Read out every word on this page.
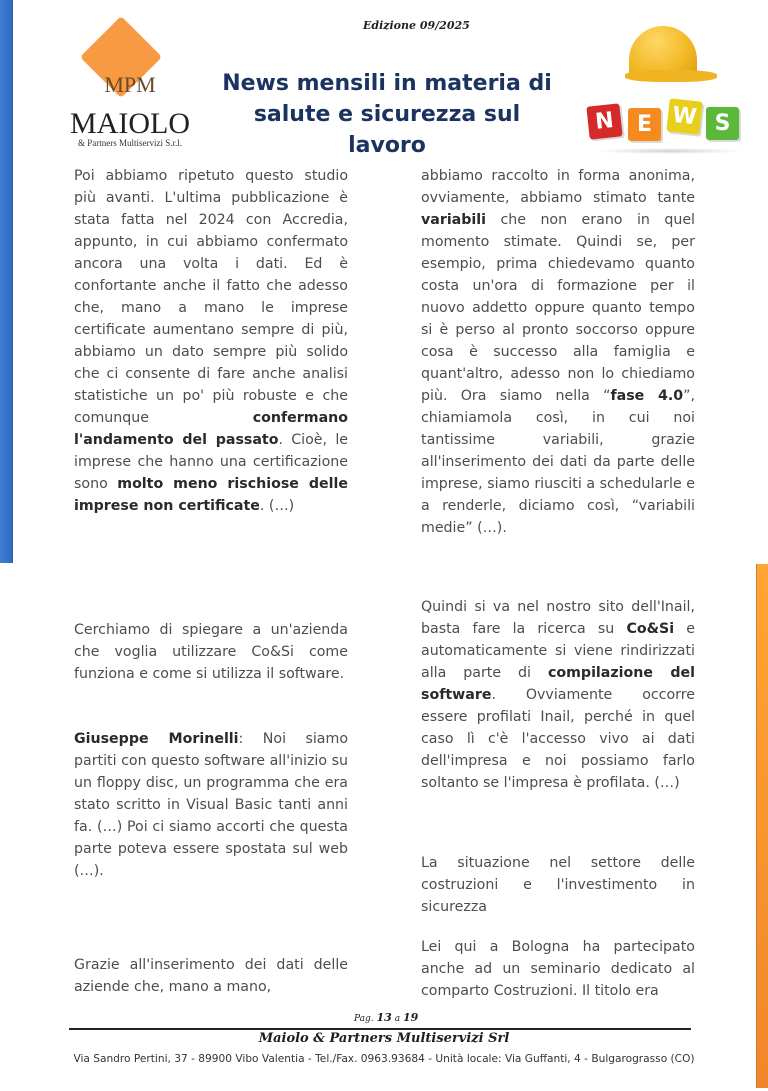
MPM
MAIOLO
& Partners Multiservizi S.r.l.
Edizione 09/2025
News mensili in materia di salute e sicurezza sul lavoro
N	E W S

Poi abbiamo ripetuto questo studio più avanti. L'ultima pubblicazione è stata fatta nel 2024 con Accredia, appunto, in cui abbiamo confermato ancora una volta i dati. Ed è confortante anche il fatto che adesso che, mano a mano le imprese certificate aumentano sempre di più, abbiamo un dato sempre più solido che ci consente di fare anche analisi statistiche un po' più robuste e che comunque confermano l'andamento del passato. Cioè, le imprese che hanno una certificazione sono molto meno rischiose delle imprese non certificate. (…)

Cerchiamo di spiegare a un'azienda che voglia utilizzare Co&Si come funziona e come si utilizza il software.

Giuseppe Morinelli: Noi siamo partiti con questo software all'inizio su un floppy disc, un programma che era stato scritto in Visual Basic tanti anni fa. (…) Poi ci siamo accorti che questa parte poteva essere spostata sul web (…).

Grazie all'inserimento dei dati delle aziende che, mano a mano,

abbiamo raccolto in forma anonima, ovviamente, abbiamo stimato tante variabili che non erano in quel momento stimate. Quindi se, per esempio, prima chiedevamo quanto costa un'ora di formazione per il nuovo addetto oppure quanto tempo si è perso al pronto soccorso oppure cosa è successo alla famiglia e quant'altro, adesso non lo chiediamo più. Ora siamo nella “fase 4.0”, chiamiamola così, in cui noi tantissime variabili, grazie all'inserimento dei dati da parte delle imprese, siamo riusciti a schedularle e a renderle, diciamo così, “variabili medie” (…).

Quindi si va nel nostro sito dell'Inail, basta fare la ricerca su Co&Si e automaticamente si viene rindirizzati alla parte di compilazione del software. Ovviamente occorre essere profilati Inail, perché in quel caso lì c'è l'accesso vivo ai dati dell'impresa e noi possiamo farlo soltanto se l'impresa è profilata. (…)

La situazione nel settore delle costruzioni e l'investimento in sicurezza
Lei qui a Bologna ha partecipato anche ad un seminario dedicato al comparto Costruzioni. Il titolo era
Pag. 13 a 19
Maiolo & Partners Multiservizi Srl
Via Sandro Pertini, 37 - 89900 Vibo Valentia - Tel./Fax. 0963.93684 - Unità locale: Via Guffanti, 4 - Bulgarograsso (CO)
